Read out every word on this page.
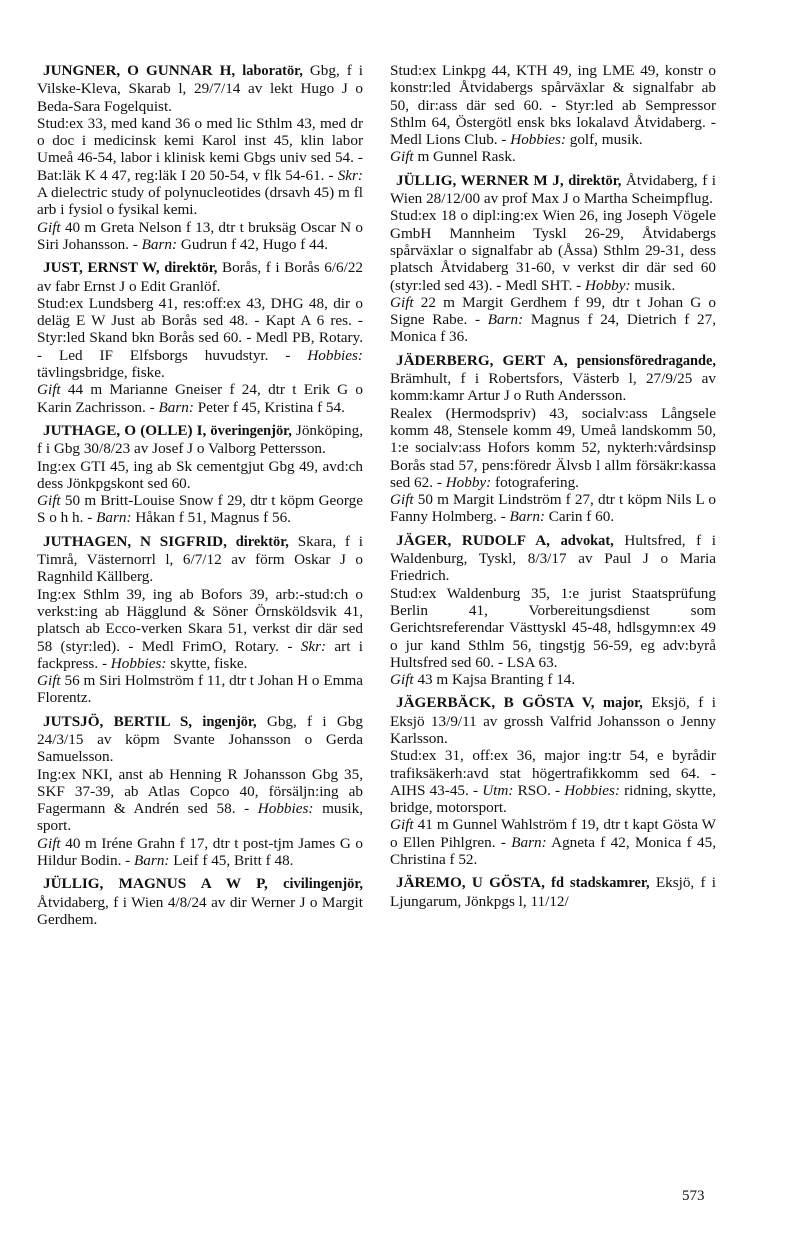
JUNGNER, O GUNNAR H, laboratör, Gbg, f i Vilske-Kleva, Skarab l, 29/7/14 av lekt Hugo J o Beda-Sara Fogelquist.

Stud:ex 33, med kand 36 o med lic Sthlm 43, med dr o doc i medicinsk kemi Karol inst 45, klin labor Umeå 46-54, labor i klinisk kemi Gbgs univ sed 54. - Bat:läk K 4 47, reg:läk I 20 50-54, v flk 54-61. - Skr: A dielectric study of polynucleotides (drsavh 45) m fl arb i fysiol o fysikal kemi.

Gift 40 m Greta Nelson f 13, dtr t bruksäg Oscar N o Siri Johansson. - Barn: Gudrun f 42, Hugo f 44.

JUST, ERNST W, direktör, Borås, f i Borås 6/6/22 av fabr Ernst J o Edit Granlöf.

Stud:ex Lundsberg 41, res:off:ex 43, DHG 48, dir o deläg E W Just ab Borås sed 48. - Kapt A 6 res. - Styr:led Skand bkn Borås sed 60. - Medl PB, Rotary. - Led IF Elfsborgs huvudstyr. - Hobbies: tävlingsbridge, fiske.

Gift 44 m Marianne Gneiser f 24, dtr t Erik G o Karin Zachrisson. - Barn: Peter f 45, Kristina f 54.

JUTHAGE, O (OLLE) I, överingenjör, Jönköping, f i Gbg 30/8/23 av Josef J o Valborg Pettersson.

Ing:ex GTI 45, ing ab Sk cementgjut Gbg 49, avd:ch dess Jönkpgskont sed 60.

Gift 50 m Britt-Louise Snow f 29, dtr t köpm George S o h h. - Barn: Håkan f 51, Magnus f 56.

JUTHAGEN, N SIGFRID, direktör, Skara, f i Timrå, Västernorrl l, 6/7/12 av förm Oskar J o Ragnhild Källberg.

Ing:ex Sthlm 39, ing ab Bofors 39, arb:-stud:ch o verkst:ing ab Hägglund & Söner Örnsköldsvik 41, platsch ab Ecco-verken Skara 51, verkst dir där sed 58 (styr:led). - Medl FrimO, Rotary. - Skr: art i fackpress. - Hobbies: skytte, fiske.

Gift 56 m Siri Holmström f 11, dtr t Johan H o Emma Florentz.

JUTSJÖ, BERTIL S, ingenjör, Gbg, f i Gbg 24/3/15 av köpm Svante Johansson o Gerda Samuelsson.

Ing:ex NKI, anst ab Henning R Johansson Gbg 35, SKF 37-39, ab Atlas Copco 40, försäljn:ing ab Fagermann & Andrén sed 58. - Hobbies: musik, sport.

Gift 40 m Iréne Grahn f 17, dtr t post-tjm James G o Hildur Bodin. - Barn: Leif f 45, Britt f 48.

JÜLLIG, MAGNUS A W P, civilingenjör, Åtvidaberg, f i Wien 4/8/24 av dir Werner J o Margit Gerdhem.

Stud:ex Linkpg 44, KTH 49, ing LME 49, konstr o konstr:led Åtvidabergs spårväxlar & signalfabr ab 50, dir:ass där sed 60. - Styr:led ab Sempressor Sthlm 64, Östergötl ensk bks lokalavd Åtvidaberg. - Medl Lions Club. - Hobbies: golf, musik.

Gift m Gunnel Rask.

JÜLLIG, WERNER M J, direktör, Åtvidaberg, f i Wien 28/12/00 av prof Max J o Martha Scheimpflug.

Stud:ex 18 o dipl:ing:ex Wien 26, ing Joseph Vögele GmbH Mannheim Tyskl 26-29, Åtvidabergs spårväxlar o signalfabr ab (Åssa) Sthlm 29-31, dess platsch Åtvidaberg 31-60, v verkst dir där sed 60 (styr:led sed 43). - Medl SHT. - Hobby: musik.

Gift 22 m Margit Gerdhem f 99, dtr t Johan G o Signe Rabe. - Barn: Magnus f 24, Dietrich f 27, Monica f 36.

JÄDERBERG, GERT A, pensionsföredragande, Brämhult, f i Robertsfors, Västerb l, 27/9/25 av komm:kamr Artur J o Ruth Andersson.

Realex (Hermodspriv) 43, socialv:ass Långsele komm 48, Stensele komm 49, Umeå landskomm 50, 1:e socialv:ass Hofors komm 52, nykterh:vårdsinsp Borås stad 57, pens:föredr Älvsb l allm försäkr:kassa sed 62. - Hobby: fotografering.

Gift 50 m Margit Lindström f 27, dtr t köpm Nils L o Fanny Holmberg. - Barn: Carin f 60.

JÄGER, RUDOLF A, advokat, Hultsfred, f i Waldenburg, Tyskl, 8/3/17 av Paul J o Maria Friedrich.

Stud:ex Waldenburg 35, 1:e jurist Staatsprüfung Berlin 41, Vorbereitungsdienst som Gerichtsreferendar Västtyskl 45-48, hdlsgymn:ex 49 o jur kand Sthlm 56, tingstjg 56-59, eg adv:byrå Hultsfred sed 60. - LSA 63.

Gift 43 m Kajsa Branting f 14.

JÄGERBÄCK, B GÖSTA V, major, Eksjö, f i Eksjö 13/9/11 av grossh Valfrid Johansson o Jenny Karlsson.

Stud:ex 31, off:ex 36, major ing:tr 54, e byrådir trafiksäkerh:avd stat högertrafikkomm sed 64. - AIHS 43-45. - Utm: RSO. - Hobbies: ridning, skytte, bridge, motorsport.

Gift 41 m Gunnel Wahlström f 19, dtr t kapt Gösta W o Ellen Pihlgren. - Barn: Agneta f 42, Monica f 45, Christina f 52.

JÄREMO, U GÖSTA, fd stadskamrer, Eksjö, f i Ljungarum, Jönkpgs l, 11/12/

573
